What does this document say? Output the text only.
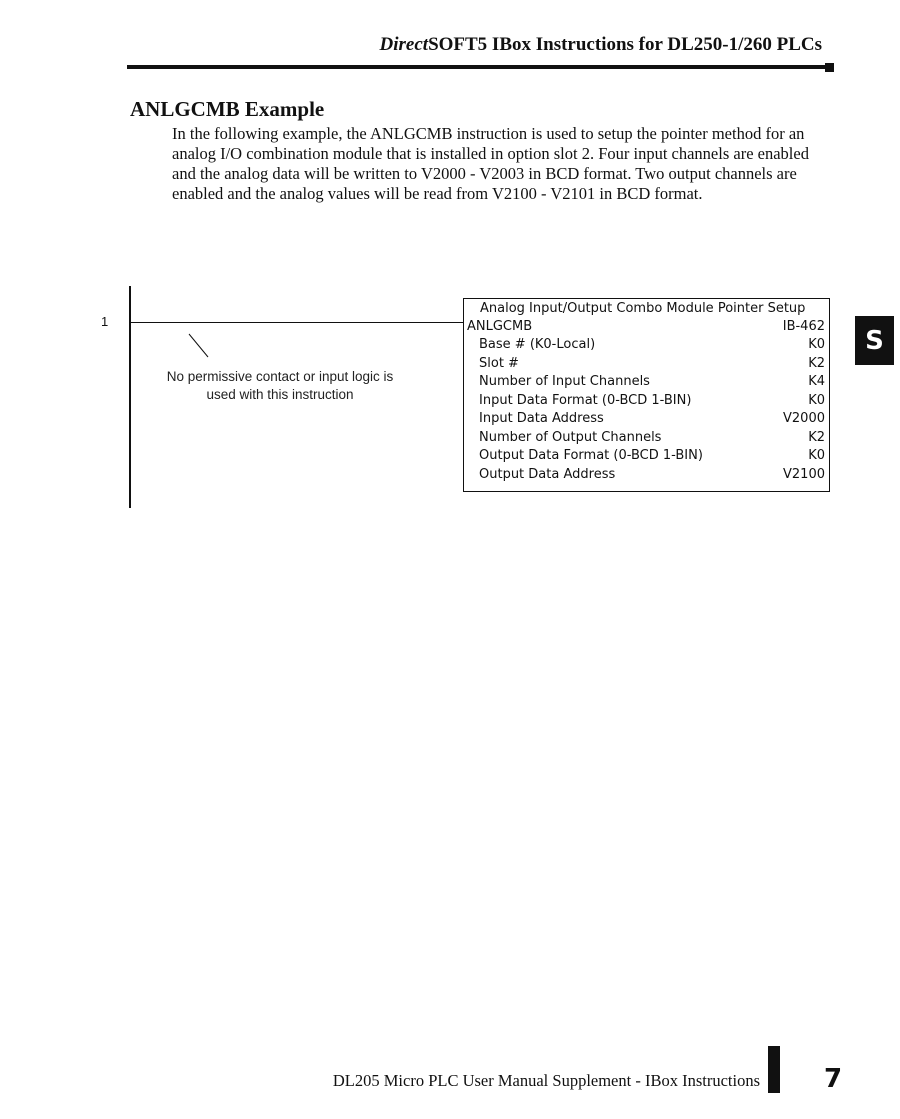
DirectSOFT5 IBox Instructions for DL250-1/260 PLCs
ANLGCMB Example

In the following example, the ANLGCMB instruction is used to setup the pointer method for an analog I/O combination module that is installed in option slot 2. Four input channels are enabled and the analog data will be written to V2000 - V2003 in BCD format. Two output channels are enabled and the analog values will be read from V2100 - V2101 in BCD format.

S
1
No permissive contact or input logic is
used with this instruction
Analog Input/Output Combo Module Pointer Setup
ANLGCMB	IB-462
Base # (K0-Local)	K0
Slot #	K2
Number of Input Channels	K4
Input Data Format (0-BCD 1-BIN)	K0
Input Data Address	V2000
Number of Output Channels	K2
Output Data Format (0-BCD 1-BIN)	K0
Output Data Address	V2100
DL205 Micro PLC User Manual Supplement - IBox Instructions 7
